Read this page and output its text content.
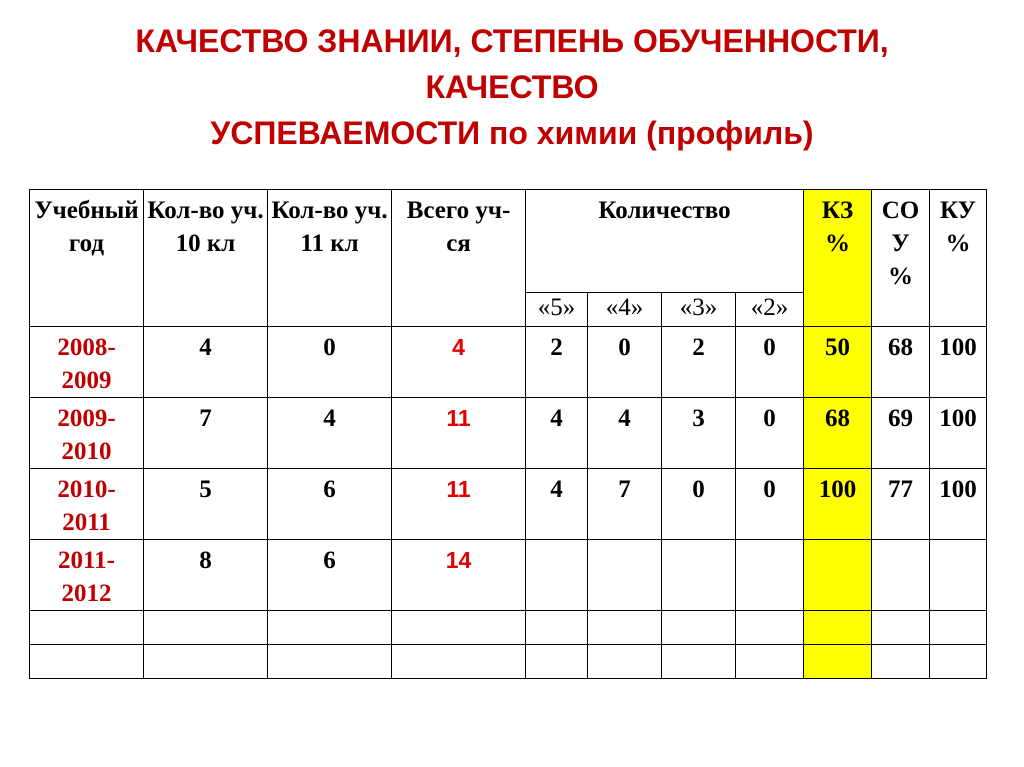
КАЧЕСТВО ЗНАНИИ, СТЕПЕНЬ ОБУЧЕННОСТИ,
КАЧЕСТВО
УСПЕВАЕМОСТИ по химии (профиль)
Учебный год	Кол-во уч. 10 кл	Кол-во уч. 11 кл	Всего уч-ся	Количество				КЗ %	СО У %	КУ %
				«5»	«4»	«3»	«2»			
2008-2009	4	0	4	2	0	2	0	50	68	100
2009-2010	7	4	11	4	4	3	0	68	69	100
2010-2011	5	6	11	4	7	0	0	100	77	100
2011-2012	8	6	14							
